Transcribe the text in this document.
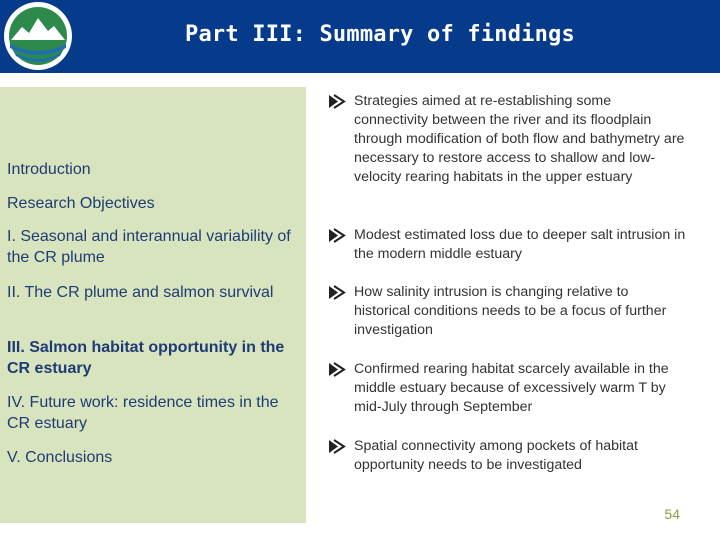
Part III: Summary of findings
Introduction
Research Objectives
I. Seasonal and interannual variability of the CR plume
II. The CR plume and salmon survival
III. Salmon habitat opportunity in the CR estuary
IV. Future work: residence times in the CR estuary
V. Conclusions
Strategies aimed at re-establishing some connectivity between the river and its floodplain through modification of both flow and bathymetry are necessary to restore access to shallow and low-velocity rearing habitats in the upper estuary
Modest estimated loss due to deeper salt intrusion in the modern middle estuary
How salinity intrusion is changing relative to historical conditions needs to be a focus of further investigation
Confirmed rearing habitat scarcely available in the middle estuary because of excessively warm T by mid-July through September
Spatial connectivity among pockets of habitat opportunity needs to be investigated
54
